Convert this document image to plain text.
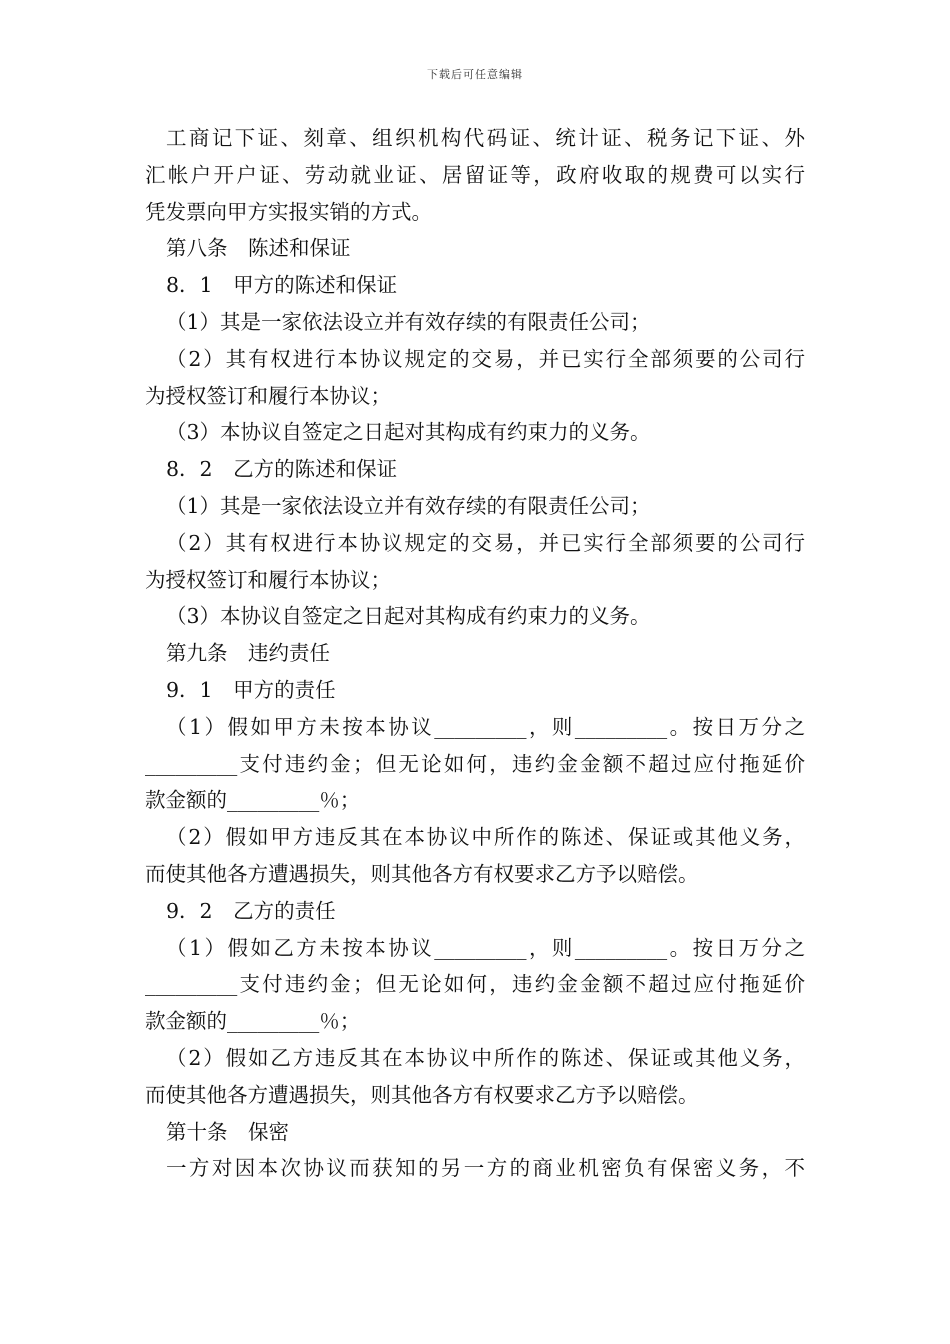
下载后可任意编辑
工商记下证、刻章、组织机构代码证、统计证、税务记下证、外
汇帐户开户证、劳动就业证、居留证等，政府收取的规费可以实行
凭发票向甲方实报实销的方式。
第八条　陈述和保证
8．1　甲方的陈述和保证
（1）其是一家依法设立并有效存续的有限责任公司；
（2）其有权进行本协议规定的交易，并已实行全部须要的公司行
为授权签订和履行本协议；
（3）本协议自签定之日起对其构成有约束力的义务。
8．2　乙方的陈述和保证
（1）其是一家依法设立并有效存续的有限责任公司；
（2）其有权进行本协议规定的交易，并已实行全部须要的公司行
为授权签订和履行本协议；
（3）本协议自签定之日起对其构成有约束力的义务。
第九条　违约责任
9．1　甲方的责任
（1）假如甲方未按本协议_________，则_________。按日万分之
_________支付违约金；但无论如何，违约金金额不超过应付拖延价
款金额的_________％；
（2）假如甲方违反其在本协议中所作的陈述、保证或其他义务，
而使其他各方遭遇损失，则其他各方有权要求乙方予以赔偿。
9．2　乙方的责任
（1）假如乙方未按本协议_________，则_________。按日万分之
_________支付违约金；但无论如何，违约金金额不超过应付拖延价
款金额的_________％；
（2）假如乙方违反其在本协议中所作的陈述、保证或其他义务，
而使其他各方遭遇损失，则其他各方有权要求乙方予以赔偿。
第十条　保密
一方对因本次协议而获知的另一方的商业机密负有保密义务，不
